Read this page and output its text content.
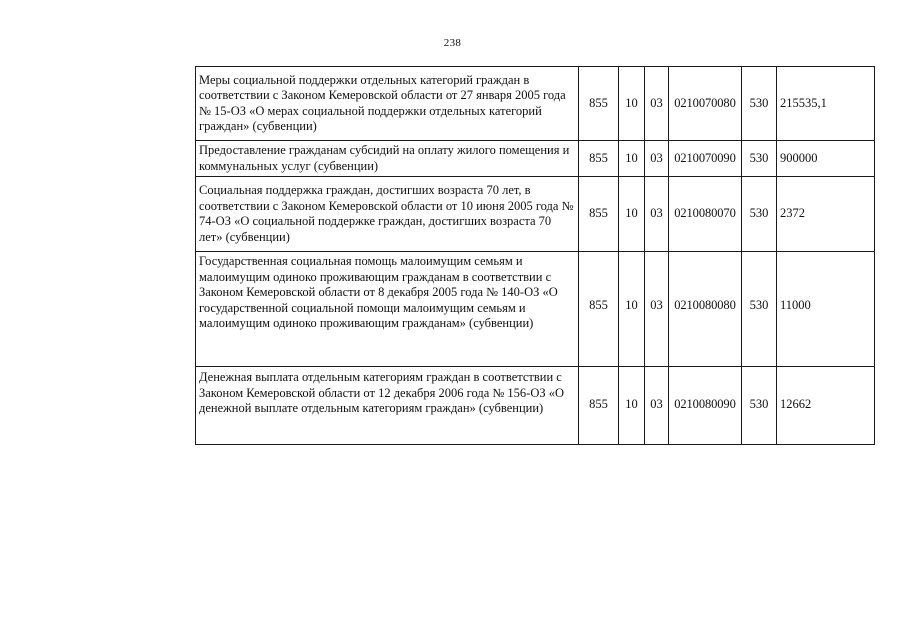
238
Меры социальной поддержки отдельных категорий граждан в соответствии с Законом Кемеровской области от 27 января 2005 года № 15-ОЗ «О мерах социальной поддержки отдельных категорий граждан» (субвенции)	855	10	03	0210070080	530	215535,1
Предоставление гражданам субсидий на оплату жилого помещения и коммунальных услуг (субвенции)	855	10	03	0210070090	530	900000
Социальная поддержка граждан, достигших возраста 70 лет, в соответствии с Законом Кемеровской области от 10 июня 2005 года № 74-ОЗ «О социальной поддержке граждан, достигших возраста 70 лет» (субвенции)	855	10	03	0210080070	530	2372
Государственная социальная помощь малоимущим семьям и малоимущим одиноко проживающим гражданам в соответствии с Законом Кемеровской области от 8 декабря 2005 года № 140-ОЗ «О государственной социальной помощи малоимущим семьям и малоимущим одиноко проживающим гражданам» (субвенции)	855	10	03	0210080080	530	11000
Денежная выплата отдельным категориям граждан в соответствии с Законом Кемеровской области от 12 декабря 2006 года № 156-ОЗ «О денежной выплате отдельным категориям граждан» (субвенции)	855	10	03	0210080090	530	12662
